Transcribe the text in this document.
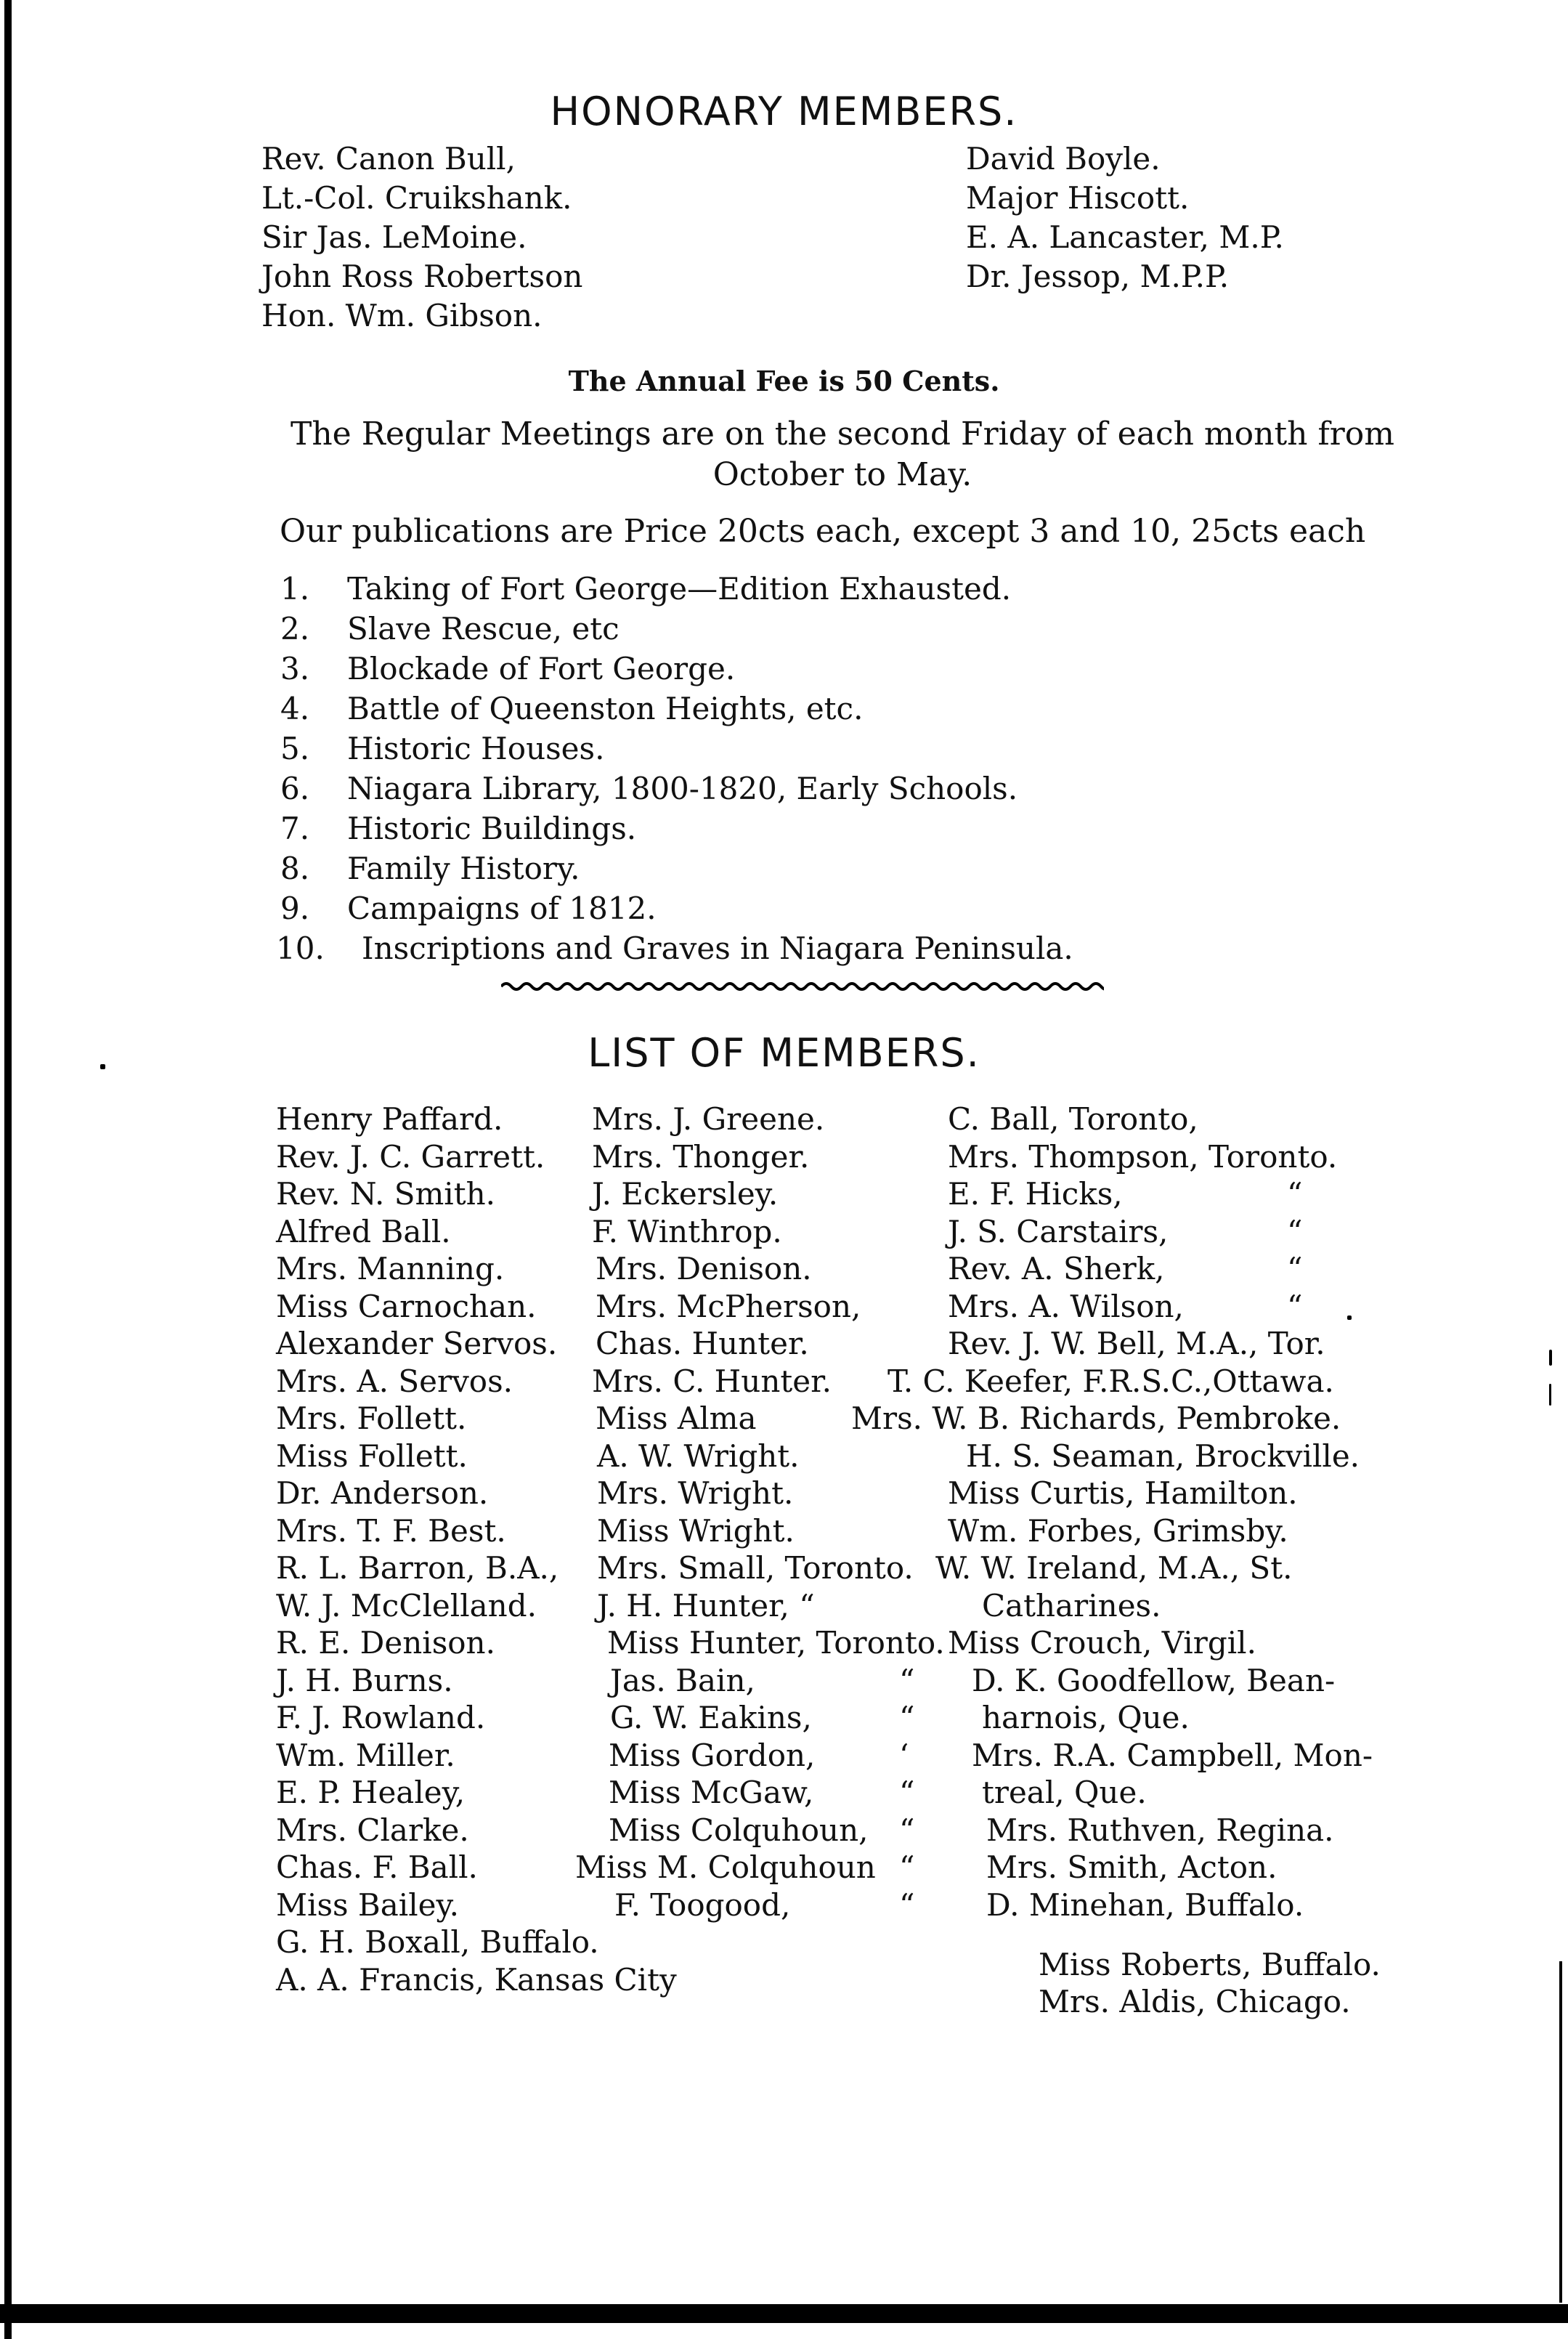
HONORARY MEMBERS.
Rev. Canon Bull,
Lt.-Col. Cruikshank.
Sir Jas. LeMoine.
John Ross Robertson
Hon. Wm. Gibson.
David Boyle.
Major Hiscott.
E. A. Lancaster, M.P.
Dr. Jessop, M.P.P.
The Annual Fee is 50 Cents.
The Regular Meetings are on the second Friday of each month from
October to May.
Our publications are Price 20cts each, except 3 and 10, 25cts each
1. Taking of Fort George—Edition Exhausted.
2. Slave Rescue, etc
3. Blockade of Fort George.
4. Battle of Queenston Heights, etc.
5. Historic Houses.
6. Niagara Library, 1800-1820, Early Schools.
7. Historic Buildings.
8. Family History.
9. Campaigns of 1812.
10. Inscriptions and Graves in Niagara Peninsula.
LIST OF MEMBERS.
Henry Paffard.
Rev. J. C. Garrett.
Rev. N. Smith.
Alfred Ball.
Mrs. Manning.
Miss Carnochan.
Alexander Servos.
Mrs. A. Servos.
Mrs. Follett.
Miss Follett.
Dr. Anderson.
Mrs. T. F. Best.
R. L. Barron, B.A.,
W. J. McClelland.
R. E. Denison.
J. H. Burns.
F. J. Rowland.
Wm. Miller.
E. P. Healey,
Mrs. Clarke.
Chas. F. Ball.
Miss Bailey.
G. H. Boxall, Buffalo.
A. A. Francis, Kansas City
Mrs. J. Greene.
Mrs. Thonger.
J. Eckersley.
F. Winthrop.
Mrs. Denison.
Mrs. McPherson,
Chas. Hunter.
Mrs. C. Hunter.
Miss Alma
A. W. Wright.
Mrs. Wright.
Miss Wright.
Mrs. Small, Toronto.
J. H. Hunter, “
Miss Hunter, Toronto.
Jas. Bain,
G. W. Eakins,
Miss Gordon,
Miss McGaw,
Miss Colquhoun,
Miss M. Colquhoun
F. Toogood,
“
“
‘
“
“
“
“
C. Ball, Toronto,
Mrs. Thompson, Toronto.
E. F. Hicks,
J. S. Carstairs,
Rev. A. Sherk,
Mrs. A. Wilson,
Rev. J. W. Bell, M.A., Tor.
T. C. Keefer, F.R.S.C.,Ottawa.
Mrs. W. B. Richards, Pembroke.
H. S. Seaman, Brockville.
Miss Curtis, Hamilton.
Wm. Forbes, Grimsby.
W. W. Ireland, M.A., St.
Catharines.
Miss Crouch, Virgil.
D. K. Goodfellow, Bean-
harnois, Que.
Mrs. R.A. Campbell, Mon-
treal, Que.
Mrs. Ruthven, Regina.
Mrs. Smith, Acton.
D. Minehan, Buffalo.
Miss Roberts, Buffalo.
Mrs. Aldis, Chicago.
“
“
“
“
